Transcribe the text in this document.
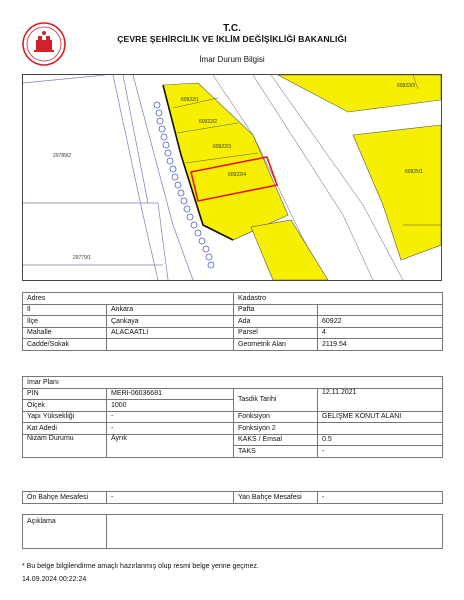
T.C.
ÇEVRE ŞEHİRCİLİK VE İKLİM DEĞİŞİKLİĞİ BAKANLIĞI
İmar Durum Bilgisi
60922/1
60922/2
60922/3
60922/4
60923/3
60925/1
29789/2
29779/1
Adres		Kadastro	
İl	Ankara	Pafta	
İlçe	Çankaya	Ada	60922
Mahalle	ALACAATLI	Parsel	4
Cadde/Sokak		Geometrik Alan	2119.54
İmar Planı			
PIN	MERI-06036681	Tasdik Tarihi	12.11.2021
Ölçek	1000		
Yapı Yüksekliği	-	Fonksiyon	GELİŞME KONUT ALANI
Kat Adedi	-	Fonksiyon 2	
Nizam Durumu	Ayrık	KAKS / Emsal	0.5
		TAKS	-
Ön Bahçe Mesafesi	-	Yan Bahçe Mesafesi	-
Açıklama	
* Bu belge bilgilendirme amaçlı hazırlanmış olup resmi belge yerine geçmez.
14.09.2024 00:22:24
